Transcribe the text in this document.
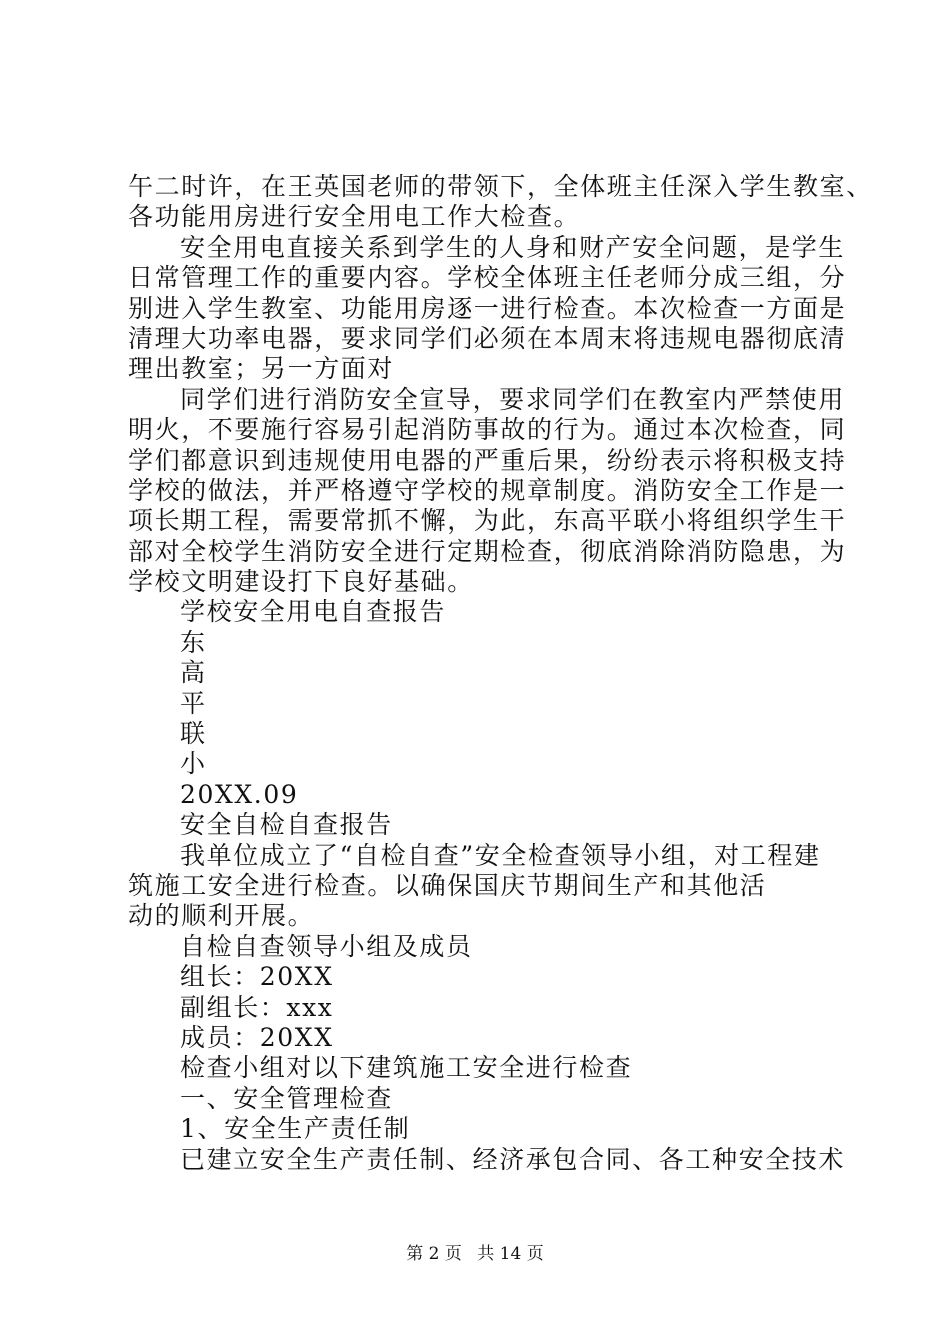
午二时许，在王英国老师的带领下，全体班主任深入学生教室、
各功能用房进行安全用电工作大检查。
安全用电直接关系到学生的人身和财产安全问题，是学生
日常管理工作的重要内容。学校全体班主任老师分成三组，分
别进入学生教室、功能用房逐一进行检查。本次检查一方面是
清理大功率电器，要求同学们必须在本周末将违规电器彻底清
理出教室；另一方面对
同学们进行消防安全宣导，要求同学们在教室内严禁使用
明火，不要施行容易引起消防事故的行为。通过本次检查，同
学们都意识到违规使用电器的严重后果，纷纷表示将积极支持
学校的做法，并严格遵守学校的规章制度。消防安全工作是一
项长期工程，需要常抓不懈，为此，东高平联小将组织学生干
部对全校学生消防安全进行定期检查，彻底消除消防隐患，为
学校文明建设打下良好基础。
学校安全用电自查报告
东
高
平
联
小
20XX.09
安全自检自查报告
我单位成立了“自检自查”安全检查领导小组，对工程建
筑施工安全进行检查。以确保国庆节期间生产和其他活
动的顺利开展。
自检自查领导小组及成员
组长：20XX
副组长：xxx
成员：20XX
检查小组对以下建筑施工安全进行检查
一、安全管理检查
1、安全生产责任制
已建立安全生产责任制、经济承包合同、各工种安全技术
第 2 页 共 14 页
